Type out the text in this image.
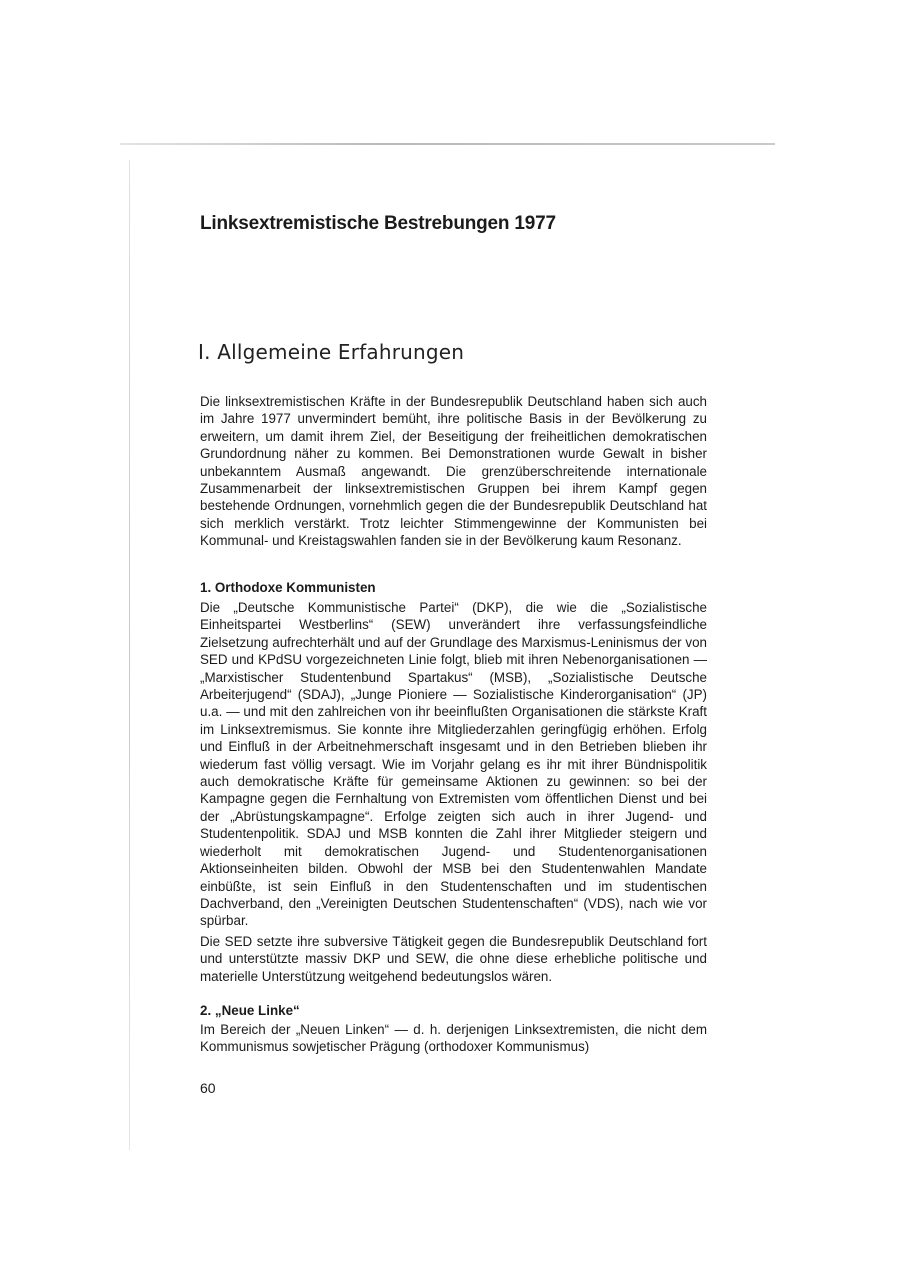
Linksextremistische Bestrebungen 1977
I. Allgemeine Erfahrungen

Die linksextremistischen Kräfte in der Bundesrepublik Deutschland haben sich auch im Jahre 1977 unvermindert bemüht, ihre politische Basis in der Bevölkerung zu erweitern, um damit ihrem Ziel, der Beseitigung der freiheitlichen demokratischen Grundordnung näher zu kommen. Bei Demonstrationen wurde Gewalt in bisher unbekanntem Ausmaß angewandt. Die grenzüberschreitende internationale Zusammenarbeit der linksextremistischen Gruppen bei ihrem Kampf gegen bestehende Ordnungen, vornehmlich gegen die der Bundesrepublik Deutschland hat sich merklich verstärkt. Trotz leichter Stimmengewinne der Kommunisten bei Kommunal- und Kreistagswahlen fanden sie in der Bevölkerung kaum Resonanz.

1. Orthodoxe Kommunisten

Die „Deutsche Kommunistische Partei“ (DKP), die wie die „Sozialistische Einheitspartei Westberlins“ (SEW) unverändert ihre verfassungsfeindliche Zielsetzung aufrechterhält und auf der Grundlage des Marxismus-Leninismus der von SED und KPdSU vorgezeichneten Linie folgt, blieb mit ihren Nebenorganisationen — „Marxistischer Studentenbund Spartakus“ (MSB), „Sozialistische Deutsche Arbeiterjugend“ (SDAJ), „Junge Pioniere — Sozialistische Kinderorganisation“ (JP) u.a. — und mit den zahlreichen von ihr beeinflußten Organisationen die stärkste Kraft im Linksextremismus. Sie konnte ihre Mitgliederzahlen geringfügig erhöhen. Erfolg und Einfluß in der Arbeitnehmerschaft insgesamt und in den Betrieben blieben ihr wiederum fast völlig versagt. Wie im Vorjahr gelang es ihr mit ihrer Bündnispolitik auch demokratische Kräfte für gemeinsame Aktionen zu gewinnen: so bei der Kampagne gegen die Fernhaltung von Extremisten vom öffentlichen Dienst und bei der „Abrüstungskampagne“. Erfolge zeigten sich auch in ihrer Jugend- und Studentenpolitik. SDAJ und MSB konnten die Zahl ihrer Mitglieder steigern und wiederholt mit demokratischen Jugend- und Studentenorganisationen Aktionseinheiten bilden. Obwohl der MSB bei den Studentenwahlen Mandate einbüßte, ist sein Einfluß in den Studentenschaften und im studentischen Dachverband, den „Vereinigten Deutschen Studentenschaften“ (VDS), nach wie vor spürbar.

Die SED setzte ihre subversive Tätigkeit gegen die Bundesrepublik Deutschland fort und unterstützte massiv DKP und SEW, die ohne diese erhebliche politische und materielle Unterstützung weitgehend bedeutungslos wären.

2. „Neue Linke“

Im Bereich der „Neuen Linken“ — d. h. derjenigen Linksextremisten, die nicht dem Kommunismus sowjetischer Prägung (orthodoxer Kommunismus)

60
